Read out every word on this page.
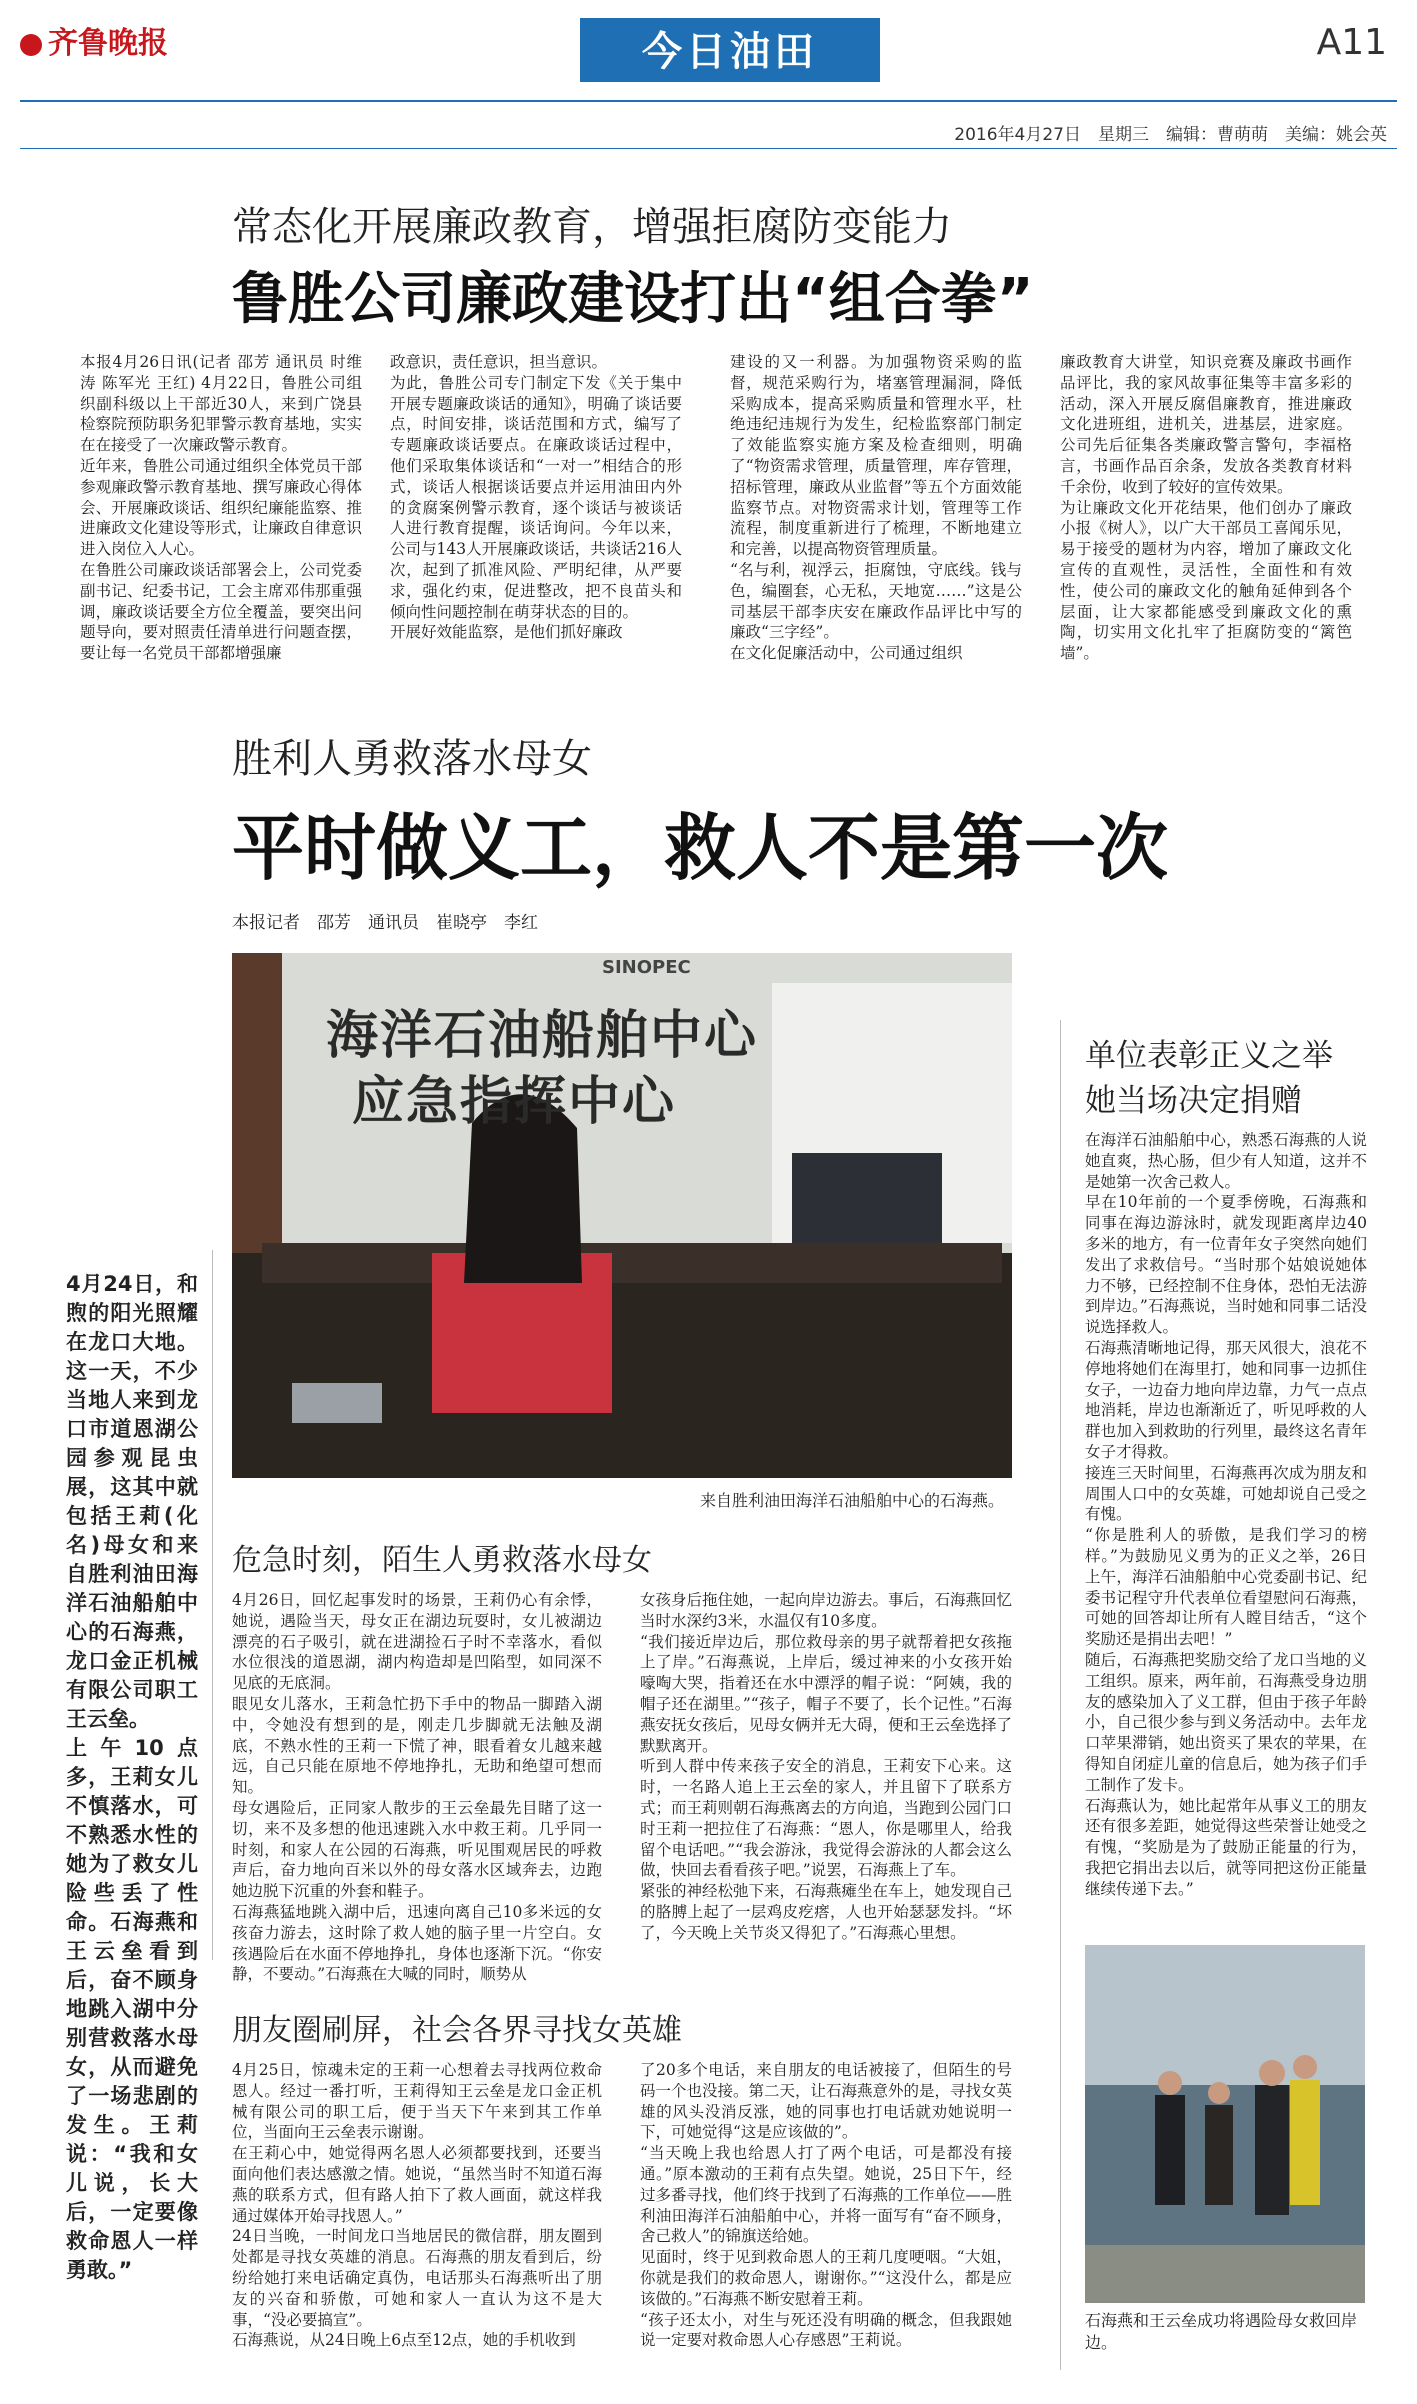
齐鲁晚报	今日油田	A11
2016年4月27日　星期三　编辑：曹萌萌　美编：姚会英
常态化开展廉政教育，增强拒腐防变能力
鲁胜公司廉政建设打出“组合拳”

本报4月26日讯(记者 邵芳 通讯员 时维涛 陈军光 王红) 4月22日，鲁胜公司组织副科级以上干部近30人，来到广饶县检察院预防职务犯罪警示教育基地，实实在在接受了一次廉政警示教育。
近年来，鲁胜公司通过组织全体党员干部参观廉政警示教育基地、撰写廉政心得体会、开展廉政谈话、组织纪廉能监察、推进廉政文化建设等形式，让廉政自律意识进入岗位入人心。
在鲁胜公司廉政谈话部署会上，公司党委副书记、纪委书记，工会主席邓伟那重强调，廉政谈话要全方位全覆盖，要突出问题导向，要对照责任清单进行问题查摆，要让每一名党员干部都增强廉

政意识，责任意识，担当意识。
为此，鲁胜公司专门制定下发《关于集中开展专题廉政谈话的通知》，明确了谈话要点，时间安排，谈话范围和方式，编写了专题廉政谈话要点。在廉政谈话过程中，他们采取集体谈话和“一对一”相结合的形式，谈话人根据谈话要点并运用油田内外的贪腐案例警示教育，逐个谈话与被谈话人进行教育提醒，谈话询问。今年以来，公司与143人开展廉政谈话，共谈话216人次，起到了抓准风险、严明纪律，从严要求，强化约束，促进整改，把不良苗头和倾向性问题控制在萌芽状态的目的。
开展好效能监察，是他们抓好廉政

建设的又一利器。为加强物资采购的监督，规范采购行为，堵塞管理漏洞，降低采购成本，提高采购质量和管理水平，杜绝违纪违规行为发生，纪检监察部门制定了效能监察实施方案及检查细则，明确了“物资需求管理，质量管理，库存管理，招标管理，廉政从业监督”等五个方面效能监察节点。对物资需求计划，管理等工作流程，制度重新进行了梳理，不断地建立和完善，以提高物资管理质量。
“名与利，视浮云，拒腐蚀，守底线。钱与色，编圈套，心无私，天地宽……”这是公司基层干部李庆安在廉政作品评比中写的廉政“三字经”。
在文化促廉活动中，公司通过组织

廉政教育大讲堂，知识竞赛及廉政书画作品评比，我的家风故事征集等丰富多彩的活动，深入开展反腐倡廉教育，推进廉政文化进班组，进机关，进基层，进家庭。公司先后征集各类廉政警言警句，李福格言，书画作品百余条，发放各类教育材料千余份，收到了较好的宣传效果。
为让廉政文化开花结果，他们创办了廉政小报《树人》，以广大干部员工喜闻乐见，易于接受的题材为内容，增加了廉政文化宣传的直观性，灵活性，全面性和有效性，使公司的廉政文化的触角延伸到各个层面，让大家都能感受到廉政文化的熏陶，切实用文化扎牢了拒腐防变的“篱笆墙”。

胜利人勇救落水母女
平时做义工，救人不是第一次
本报记者　邵芳　通讯员　崔晓亭　李红
海洋石油船舶中心
应急指挥中心
SINOPEC
来自胜利油田海洋石油船舶中心的石海燕。
4月24日，和煦的阳光照耀在龙口大地。这一天，不少当地人来到龙口市道恩湖公园参观昆虫展，这其中就包括王莉(化名)母女和来自胜利油田海洋石油船舶中心的石海燕，龙口金正机械有限公司职工王云垒。
上午10点多，王莉女儿不慎落水，可不熟悉水性的她为了救女儿险些丢了性命。石海燕和王云垒看到后，奋不顾身地跳入湖中分别营救落水母女，从而避免了一场悲剧的发生。王莉说：“我和女儿说，长大后，一定要像救命恩人一样勇敢。”
危急时刻，陌生人勇救落水母女

4月26日，回忆起事发时的场景，王莉仍心有余悸，她说，遇险当天，母女正在湖边玩耍时，女儿被湖边漂亮的石子吸引，就在进湖捡石子时不幸落水，看似水位很浅的道恩湖，湖内构造却是凹陷型，如同深不见底的无底洞。
眼见女儿落水，王莉急忙扔下手中的物品一脚踏入湖中，令她没有想到的是，刚走几步脚就无法触及湖底，不熟水性的王莉一下慌了神，眼看着女儿越来越远，自己只能在原地不停地挣扎，无助和绝望可想而知。
母女遇险后，正同家人散步的王云垒最先目睹了这一切，来不及多想的他迅速跳入水中救王莉。几乎同一时刻，和家人在公园的石海燕，听见围观居民的呼救声后，奋力地向百米以外的母女落水区域奔去，边跑她边脱下沉重的外套和鞋子。
石海燕猛地跳入湖中后，迅速向离自己10多米远的女孩奋力游去，这时除了救人她的脑子里一片空白。女孩遇险后在水面不停地挣扎，身体也逐渐下沉。“你安静，不要动。”石海燕在大喊的同时，顺势从

女孩身后拖住她，一起向岸边游去。事后，石海燕回忆当时水深约3米，水温仅有10多度。
“我们接近岸边后，那位救母亲的男子就帮着把女孩拖上了岸。”石海燕说，上岸后，缓过神来的小女孩开始嚎啕大哭，指着还在水中漂浮的帽子说：“阿姨，我的帽子还在湖里。”“孩子，帽子不要了，长个记性。”石海燕安抚女孩后，见母女俩并无大碍，便和王云垒选择了默默离开。
听到人群中传来孩子安全的消息，王莉安下心来。这时，一名路人追上王云垒的家人，并且留下了联系方式；而王莉则朝石海燕离去的方向追，当跑到公园门口时王莉一把拉住了石海燕：“恩人，你是哪里人，给我留个电话吧。”“我会游泳，我觉得会游泳的人都会这么做，快回去看看孩子吧。”说罢，石海燕上了车。
紧张的神经松弛下来，石海燕瘫坐在车上，她发现自己的胳膊上起了一层鸡皮疙瘩，人也开始瑟瑟发抖。“坏了，今天晚上关节炎又得犯了。”石海燕心里想。

朋友圈刷屏，社会各界寻找女英雄

4月25日，惊魂未定的王莉一心想着去寻找两位救命恩人。经过一番打听，王莉得知王云垒是龙口金正机械有限公司的职工后，便于当天下午来到其工作单位，当面向王云垒表示谢谢。
在王莉心中，她觉得两名恩人必须都要找到，还要当面向他们表达感激之情。她说，“虽然当时不知道石海燕的联系方式，但有路人拍下了救人画面，就这样我通过媒体开始寻找恩人。”
24日当晚，一时间龙口当地居民的微信群，朋友圈到处都是寻找女英雄的消息。石海燕的朋友看到后，纷纷给她打来电话确定真伪，电话那头石海燕听出了朋友的兴奋和骄傲，可她和家人一直认为这不是大事，“没必要搞宣”。
石海燕说，从24日晚上6点至12点，她的手机收到

了20多个电话，来自朋友的电话被接了，但陌生的号码一个也没接。第二天，让石海燕意外的是，寻找女英雄的风头没消反涨，她的同事也打电话就劝她说明一下，可她觉得“这是应该做的”。
“当天晚上我也给恩人打了两个电话，可是都没有接通。”原本激动的王莉有点失望。她说，25日下午，经过多番寻找，他们终于找到了石海燕的工作单位——胜利油田海洋石油船舶中心，并将一面写有“奋不顾身，舍己救人”的锦旗送给她。
见面时，终于见到救命恩人的王莉几度哽咽。“大姐，你就是我们的救命恩人，谢谢你。”“这没什么，都是应该做的。”石海燕不断安慰着王莉。
“孩子还太小，对生与死还没有明确的概念，但我跟她说一定要对救命恩人心存感恩”王莉说。

单位表彰正义之举
她当场决定捐赠

在海洋石油船舶中心，熟悉石海燕的人说她直爽，热心肠，但少有人知道，这并不是她第一次舍己救人。
早在10年前的一个夏季傍晚，石海燕和同事在海边游泳时，就发现距离岸边40多米的地方，有一位青年女子突然向她们发出了求救信号。“当时那个姑娘说她体力不够，已经控制不住身体，恐怕无法游到岸边。”石海燕说，当时她和同事二话没说选择救人。
石海燕清晰地记得，那天风很大，浪花不停地将她们在海里打，她和同事一边抓住女子，一边奋力地向岸边靠，力气一点点地消耗，岸边也渐渐近了，听见呼救的人群也加入到救助的行列里，最终这名青年女子才得救。
接连三天时间里，石海燕再次成为朋友和周围人口中的女英雄，可她却说自己受之有愧。
“你是胜利人的骄傲，是我们学习的榜样。”为鼓励见义勇为的正义之举，26日上午，海洋石油船舶中心党委副书记、纪委书记程守升代表单位看望慰问石海燕，可她的回答却让所有人瞠目结舌，“这个奖励还是捐出去吧！”
随后，石海燕把奖励交给了龙口当地的义工组织。原来，两年前，石海燕受身边朋友的感染加入了义工群，但由于孩子年龄小，自己很少参与到义务活动中。去年龙口苹果滞销，她出资买了果农的苹果，在得知自闭症儿童的信息后，她为孩子们手工制作了发卡。
石海燕认为，她比起常年从事义工的朋友还有很多差距，她觉得这些荣誉让她受之有愧，“奖励是为了鼓励正能量的行为，我把它捐出去以后，就等同把这份正能量继续传递下去。”

石海燕和王云垒成功将遇险母女救回岸边。
